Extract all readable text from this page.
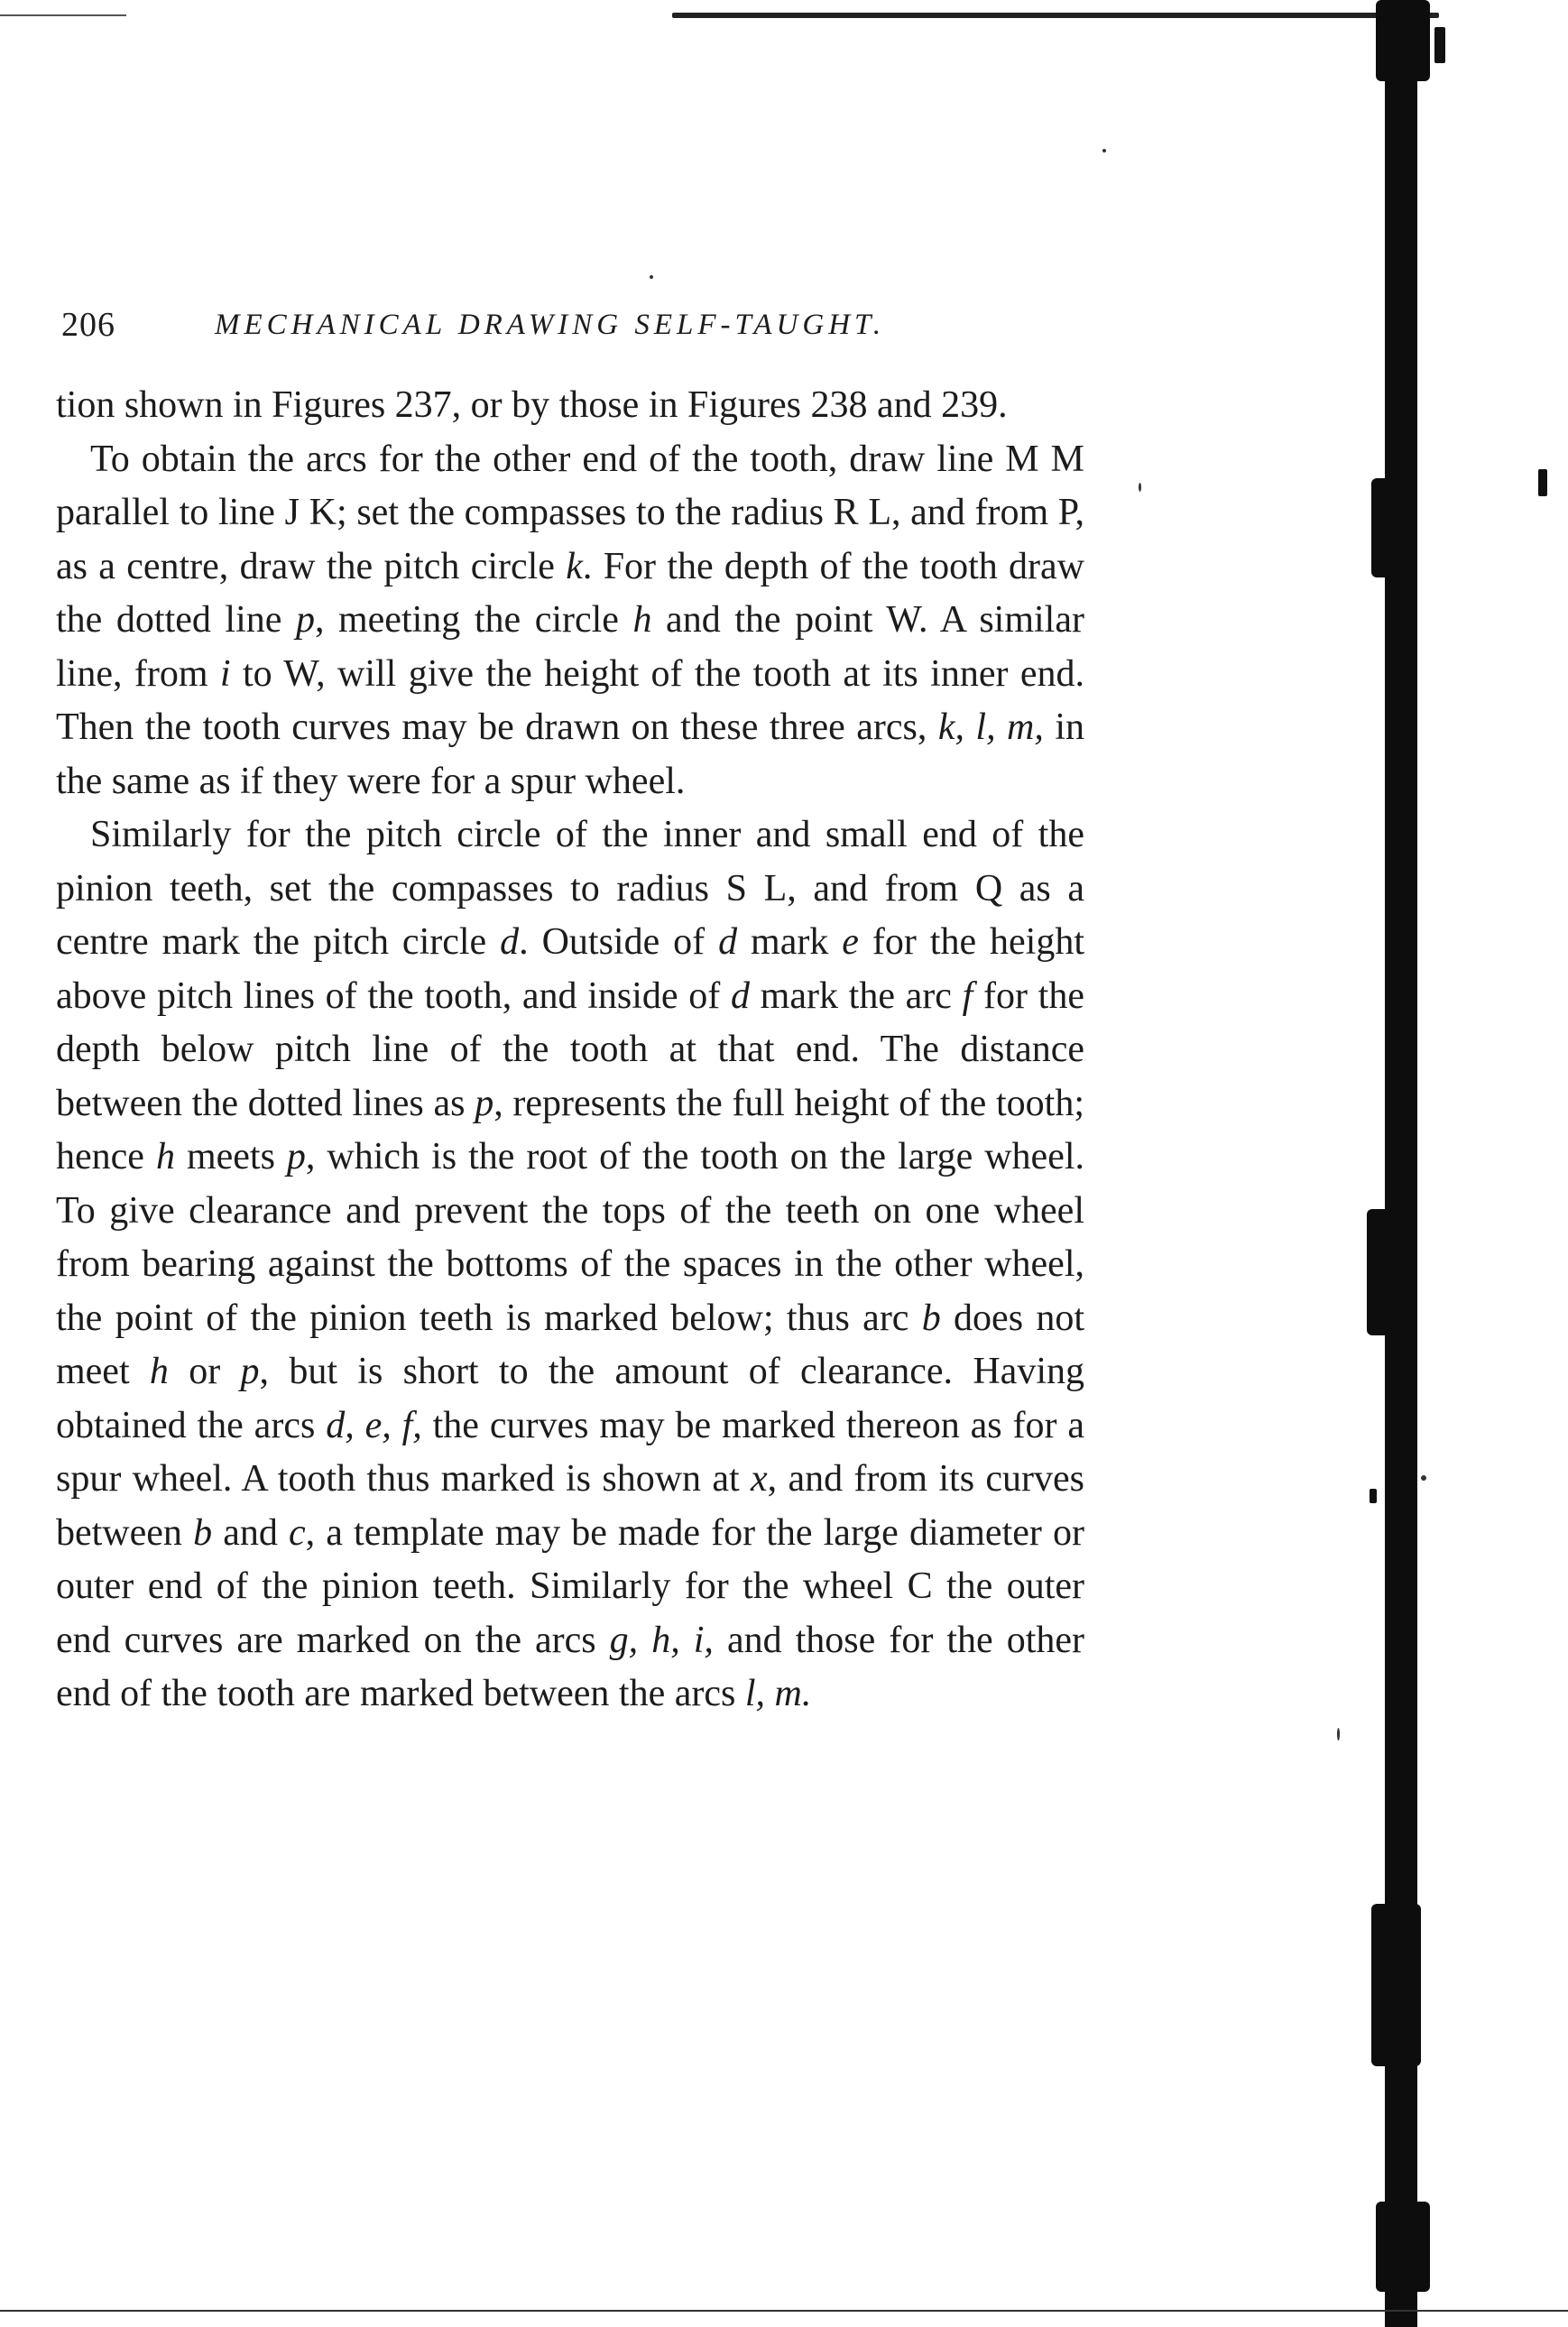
206	MECHANICAL DRAWING SELF-TAUGHT.

tion shown in Figures 237, or by those in Figures 238 and 239.

To obtain the arcs for the other end of the tooth, draw line M M parallel to line J K; set the compasses to the radius R L, and from P, as a centre, draw the pitch circle k. For the depth of the tooth draw the dotted line p, meeting the circle h and the point W. A similar line, from i to W, will give the height of the tooth at its inner end. Then the tooth curves may be drawn on these three arcs, k, l, m, in the same as if they were for a spur wheel.

Similarly for the pitch circle of the inner and small end of the pinion teeth, set the compasses to radius S L, and from Q as a centre mark the pitch circle d. Outside of d mark e for the height above pitch lines of the tooth, and inside of d mark the arc f for the depth below pitch line of the tooth at that end. The distance between the dotted lines as p, represents the full height of the tooth; hence h meets p, which is the root of the tooth on the large wheel. To give clearance and prevent the tops of the teeth on one wheel from bearing against the bottoms of the spaces in the other wheel, the point of the pinion teeth is marked below; thus arc b does not meet h or p, but is short to the amount of clearance. Having obtained the arcs d, e, f, the curves may be marked thereon as for a spur wheel. A tooth thus marked is shown at x, and from its curves between b and c, a template may be made for the large diameter or outer end of the pinion teeth. Similarly for the wheel C the outer end curves are marked on the arcs g, h, i, and those for the other end of the tooth are marked between the arcs l, m.
